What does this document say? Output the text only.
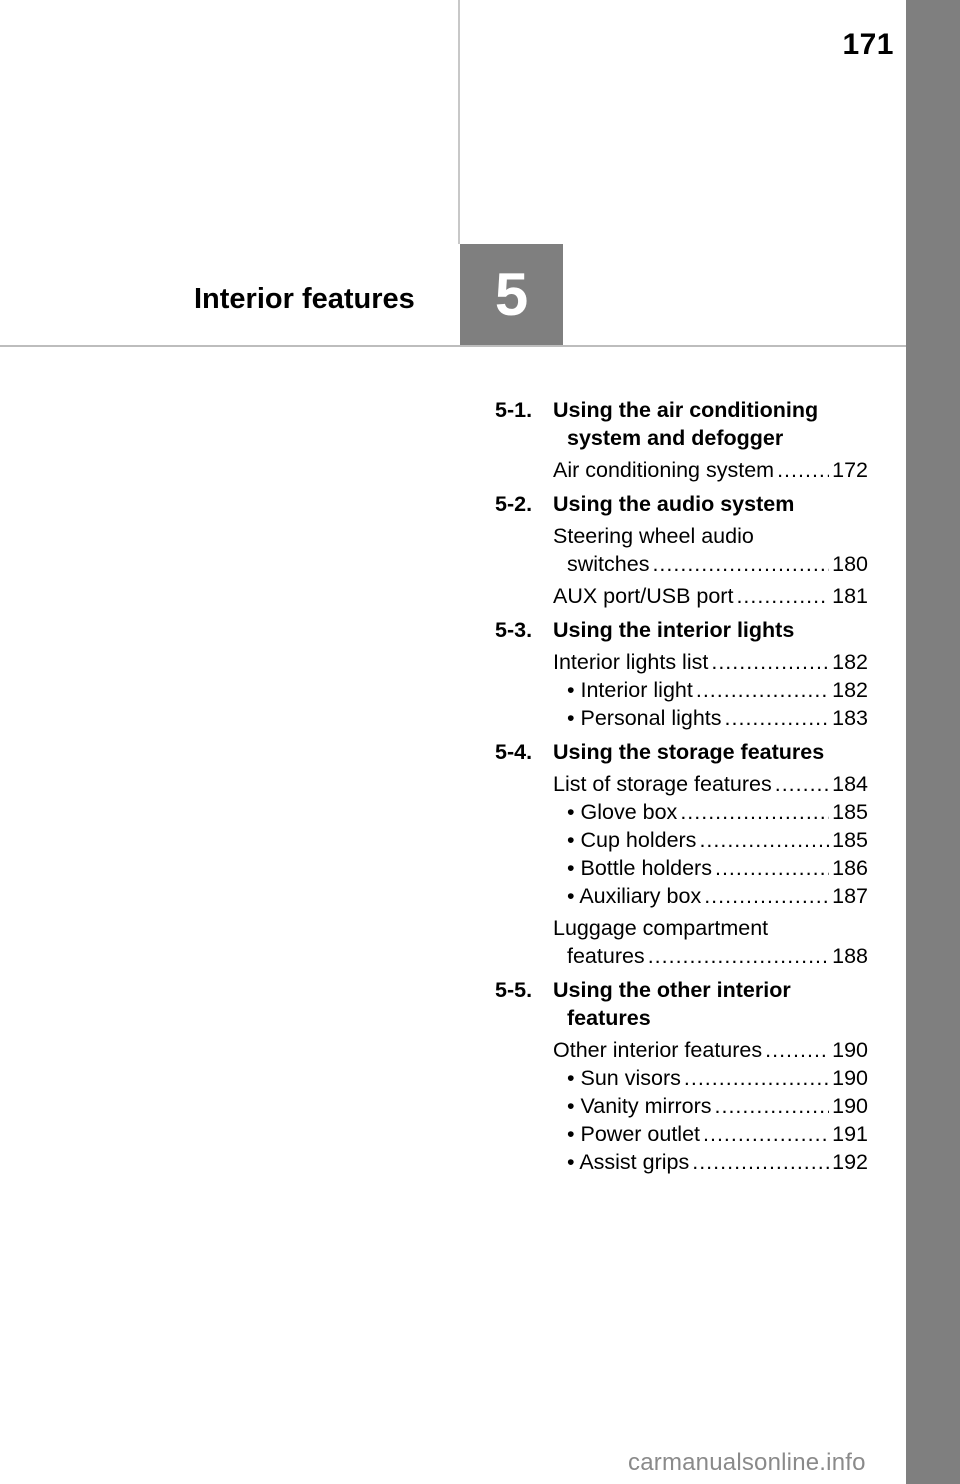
171
Interior features	5
5-1. Using the air conditioning

system and defogger
Air conditioning system .....	172
5-2. Using the audio system
Steering wheel audio
switches .....	180
AUX port/USB port .....	181
5-3. Using the interior lights
Interior lights list .....	182
• Interior light .....	182
• Personal lights .....	183
5-4. Using the storage features
List of storage features .....	184
• Glove box .....	185
• Cup holders .....	185
• Bottle holders .....	186
• Auxiliary box .....	187
Luggage compartment
features .....	188
5-5. Using the other interior

features
Other interior features .....	190
• Sun visors .....	190
• Vanity mirrors .....	190
• Power outlet .....	191
• Assist grips .....	192
carmanualsonline.info
